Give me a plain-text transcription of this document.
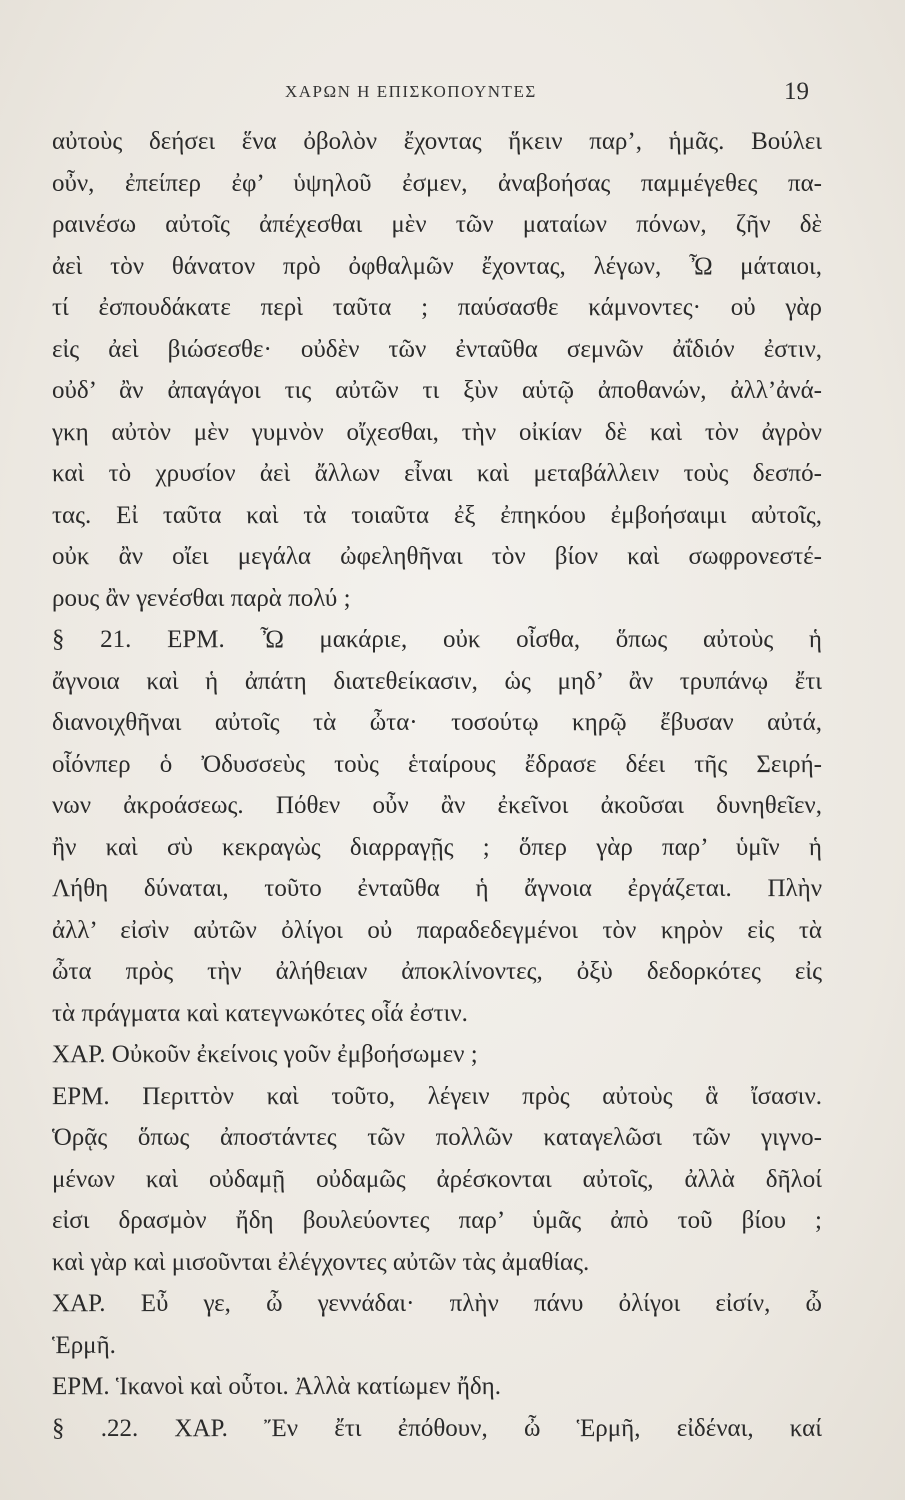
ΧΑΡΩΝ Η ΕΠΙΣΚΟΠΟΥΝΤΕΣ	19
αὐτοὺς δεήσει ἕνα ὀβολὸν ἔχοντας ἥκειν παρ’, ἡμᾶς. Βούλει
οὖν, ἐπείπερ ἐφ’ ὑψηλοῦ ἐσμεν, ἀναβοήσας παμμέγεθες πα-
ραινέσω αὐτοῖς ἀπέχεσθαι μὲν τῶν ματαίων πόνων, ζῆν δὲ
ἀεὶ τὸν θάνατον πρὸ ὀφθαλμῶν ἔχοντας, λέγων, Ὦ μάταιοι,
τί ἐσπουδάκατε περὶ ταῦτα ; παύσασθε κάμνοντες· οὐ γὰρ
εἰς ἀεὶ βιώσεσθε· οὐδὲν τῶν ἐνταῦθα σεμνῶν ἀΐδιόν ἐστιν,
οὐδ’ ἂν ἀπαγάγοι τις αὐτῶν τι ξὺν αὑτῷ ἀποθανών, ἀλλ’ἀνά-
γκη αὐτὸν μὲν γυμνὸν οἴχεσθαι, τὴν οἰκίαν δὲ καὶ τὸν ἀγρὸν
καὶ τὸ χρυσίον ἀεὶ ἄλλων εἶναι καὶ μεταβάλλειν τοὺς δεσπό-
τας. Εἰ ταῦτα καὶ τὰ τοιαῦτα ἐξ ἐπηκόου ἐμβοήσαιμι αὐτοῖς,
οὐκ ἂν οἴει μεγάλα ὠφεληθῆναι τὸν βίον καὶ σωφρονεστέ-
ρους ἂν γενέσθαι παρὰ πολύ ;
§ 21. ΕΡΜ. Ὦ μακάριε, οὐκ οἶσθα, ὅπως αὐτοὺς ἡ
ἄγνοια καὶ ἡ ἀπάτη διατεθείκασιν, ὡς μηδ’ ἂν τρυπάνῳ ἔτι
διανοιχθῆναι αὐτοῖς τὰ ὦτα· τοσούτῳ κηρῷ ἔβυσαν αὐτά,
οἷόνπερ ὁ Ὀδυσσεὺς τοὺς ἑταίρους ἔδρασε δέει τῆς Σειρή-
νων ἀκροάσεως. Πόθεν οὖν ἂν ἐκεῖνοι ἀκοῦσαι δυνηθεῖεν,
ἢν καὶ σὺ κεκραγὼς διαρραγῇς ; ὅπερ γὰρ παρ’ ὑμῖν ἡ
Λήθη δύναται, τοῦτο ἐνταῦθα ἡ ἄγνοια ἐργάζεται. Πλὴν
ἀλλ’ εἰσὶν αὐτῶν ὀλίγοι οὐ παραδεδεγμένοι τὸν κηρὸν εἰς τὰ
ὦτα πρὸς τὴν ἀλήθειαν ἀποκλίνοντες, ὀξὺ δεδορκότες εἰς
τὰ πράγματα καὶ κατεγνωκότες οἷά ἐστιν.
ΧΑΡ. Οὐκοῦν ἐκείνοις γοῦν ἐμβοήσωμεν ;
ΕΡΜ. Περιττὸν καὶ τοῦτο, λέγειν πρὸς αὐτοὺς ἃ ἴσασιν.
Ὁρᾷς ὅπως ἀποστάντες τῶν πολλῶν καταγελῶσι τῶν γιγνο-
μένων καὶ οὐδαμῇ οὐδαμῶς ἀρέσκονται αὐτοῖς, ἀλλὰ δῆλοί
εἰσι δρασμὸν ἤδη βουλεύοντες παρ’ ὑμᾶς ἀπὸ τοῦ βίου ;
καὶ γὰρ καὶ μισοῦνται ἐλέγχοντες αὐτῶν τὰς ἀμαθίας.
ΧΑΡ. Εὖ γε, ὦ γεννάδαι· πλὴν πάνυ ὀλίγοι εἰσίν, ὦ
Ἑρμῆ.
ΕΡΜ. Ἱκανοὶ καὶ οὗτοι. Ἀλλὰ κατίωμεν ἤδη.
§ .22. ΧΑΡ. Ἔν ἔτι ἐπόθουν, ὦ Ἑρμῆ, εἰδέναι, καί
